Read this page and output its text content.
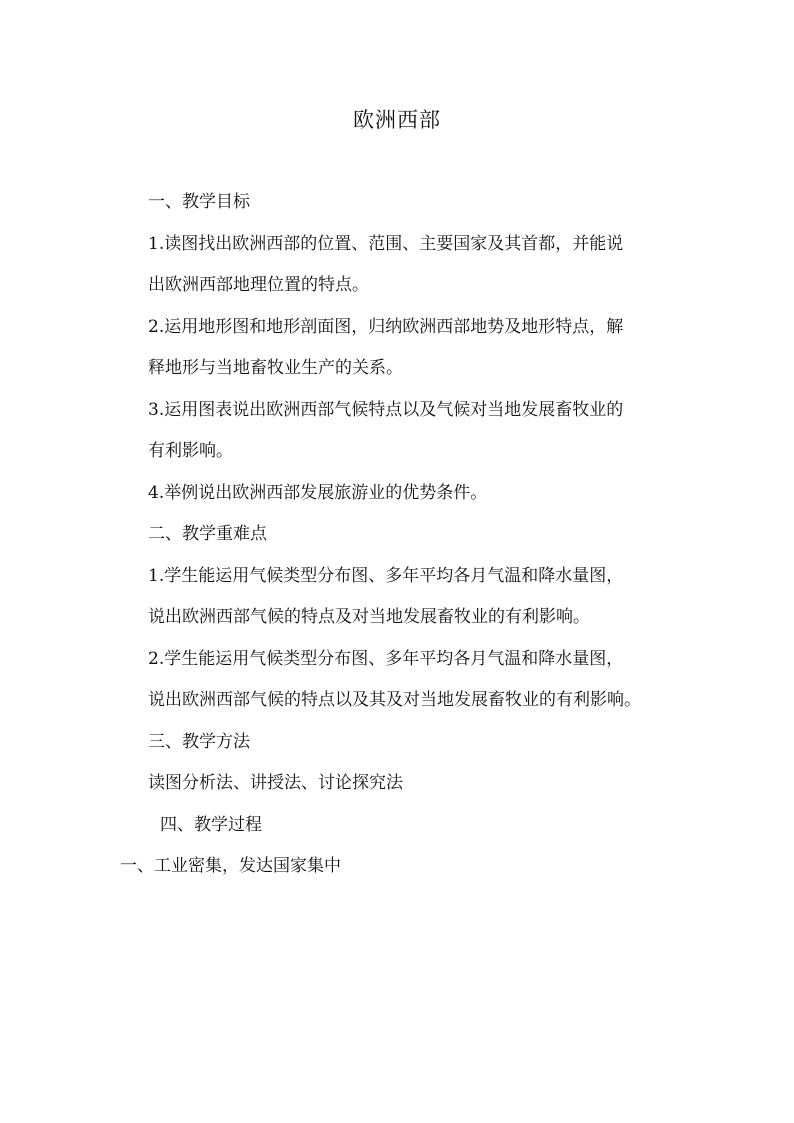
欧洲西部
一、教学目标
1.读图找出欧洲西部的位置、范围、主要国家及其首都，并能说
出欧洲西部地理位置的特点。
2.运用地形图和地形剖面图，归纳欧洲西部地势及地形特点，解
释地形与当地畜牧业生产的关系。
3.运用图表说出欧洲西部气候特点以及气候对当地发展畜牧业的
有利影响。
4.举例说出欧洲西部发展旅游业的优势条件。
二、教学重难点
1.学生能运用气候类型分布图、多年平均各月气温和降水量图，
说出欧洲西部气候的特点及对当地发展畜牧业的有利影响。
2.学生能运用气候类型分布图、多年平均各月气温和降水量图，
说出欧洲西部气候的特点以及其及对当地发展畜牧业的有利影响。
三、教学方法
读图分析法、讲授法、讨论探究法
四、教学过程
一、工业密集，发达国家集中
